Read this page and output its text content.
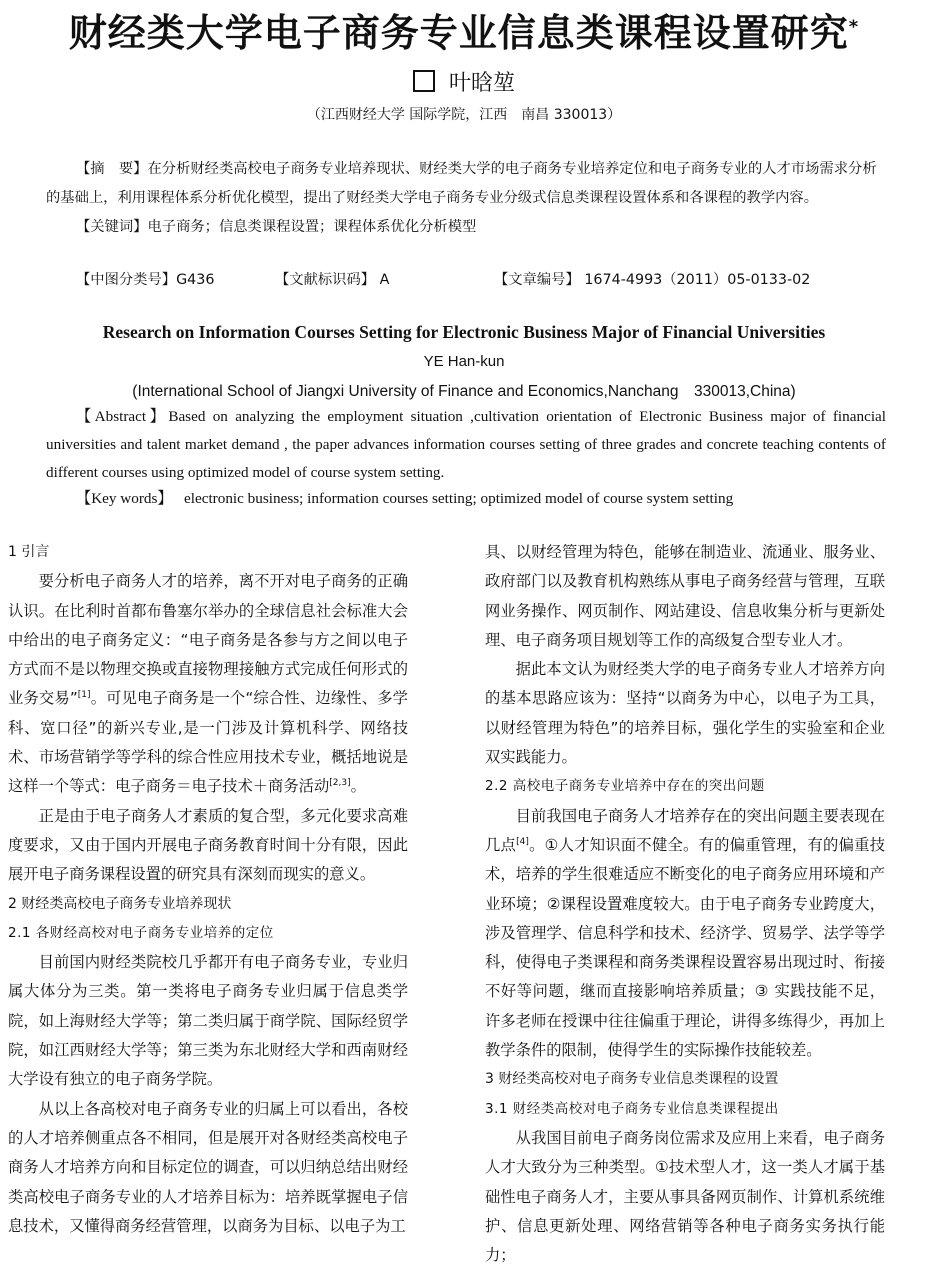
财经类大学电子商务专业信息类课程设置研究*
叶晗堃
（江西财经大学 国际学院，江西　南昌 330013）

【摘　要】在分析财经类高校电子商务专业培养现状、财经类大学的电子商务专业培养定位和电子商务专业的人才市场需求分析的基础上，利用课程体系分析优化模型，提出了财经类大学电子商务专业分级式信息类课程设置体系和各课程的教学内容。

【关键词】电子商务；信息类课程设置；课程体系优化分析模型

【中图分类号】G436	【文献标识码】 A	【文章编号】 1674-4993（2011）05-0133-02
Research on Information Courses Setting for Electronic Business Major of Financial Universities
YE Han-kun
(International School of Jiangxi University of Finance and Economics,Nanchang　330013,China)

【Abstract】Based on analyzing the employment situation ,cultivation orientation of Electronic Business major of financial universities and talent market demand , the paper advances information courses setting of three grades and concrete teaching contents of different courses using optimized model of course system setting.

【Key words】 electronic business; information courses setting; optimized model of course system setting

1 引言

要分析电子商务人才的培养，离不开对电子商务的正确认识。在比利时首都布鲁塞尔举办的全球信息社会标准大会中给出的电子商务定义：“电子商务是各参与方之间以电子方式而不是以物理交换或直接物理接触方式完成任何形式的业务交易”[1]。可见电子商务是一个“综合性、边缘性、多学科、宽口径”的新兴专业,是一门涉及计算机科学、网络技术、市场营销学等学科的综合性应用技术专业，概括地说是这样一个等式：电子商务＝电子技术＋商务活动[2,3]。

正是由于电子商务人才素质的复合型，多元化要求高难度要求，又由于国内开展电子商务教育时间十分有限，因此展开电子商务课程设置的研究具有深刻而现实的意义。

2 财经类高校电子商务专业培养现状

2.1 各财经高校对电子商务专业培养的定位

目前国内财经类院校几乎都开有电子商务专业，专业归属大体分为三类。第一类将电子商务专业归属于信息类学院，如上海财经大学等；第二类归属于商学院、国际经贸学院，如江西财经大学等；第三类为东北财经大学和西南财经大学设有独立的电子商务学院。

从以上各高校对电子商务专业的归属上可以看出，各校的人才培养侧重点各不相同，但是展开对各财经类高校电子商务人才培养方向和目标定位的调查，可以归纳总结出财经类高校电子商务专业的人才培养目标为：培养既掌握电子信息技术，又懂得商务经营管理，以商务为目标、以电子为工

具、以财经管理为特色，能够在制造业、流通业、服务业、政府部门以及教育机构熟练从事电子商务经营与管理，互联网业务操作、网页制作、网站建设、信息收集分析与更新处理、电子商务项目规划等工作的高级复合型专业人才。

据此本文认为财经类大学的电子商务专业人才培养方向的基本思路应该为：坚持“以商务为中心，以电子为工具，以财经管理为特色”的培养目标，强化学生的实验室和企业双实践能力。

2.2 高校电子商务专业培养中存在的突出问题

目前我国电子商务人才培养存在的突出问题主要表现在几点[4]。①人才知识面不健全。有的偏重管理，有的偏重技术，培养的学生很难适应不断变化的电子商务应用环境和产业环境；②课程设置难度较大。由于电子商务专业跨度大，涉及管理学、信息科学和技术、经济学、贸易学、法学等学科，使得电子类课程和商务类课程设置容易出现过时、衔接不好等问题，继而直接影响培养质量；③ 实践技能不足，许多老师在授课中往往偏重于理论，讲得多练得少，再加上教学条件的限制，使得学生的实际操作技能较差。

3 财经类高校对电子商务专业信息类课程的设置

3.1 财经类高校对电子商务专业信息类课程提出

从我国目前电子商务岗位需求及应用上来看，电子商务人才大致分为三种类型。①技术型人才，这一类人才属于基础性电子商务人才，主要从事具备网页制作、计算机系统维护、信息更新处理、网络营销等各种电子商务实务执行能力；
